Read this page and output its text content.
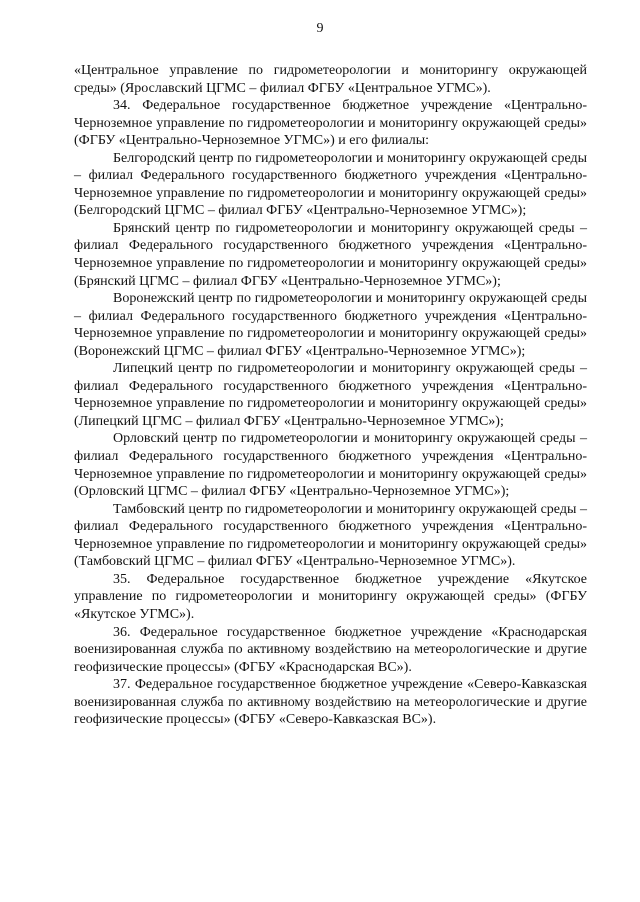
9

«Центральное управление по гидрометеорологии и мониторингу окружающей среды» (Ярославский ЦГМС – филиал ФГБУ «Центральное УГМС»).

34. Федеральное государственное бюджетное учреждение «Центрально-Черноземное управление по гидрометеорологии и мониторингу окружающей среды» (ФГБУ «Центрально-Черноземное УГМС») и его филиалы:

Белгородский центр по гидрометеорологии и мониторингу окружающей среды – филиал Федерального государственного бюджетного учреждения «Центрально-Черноземное управление по гидрометеорологии и мониторингу окружающей среды» (Белгородский ЦГМС – филиал ФГБУ «Центрально-Черноземное УГМС»);

Брянский центр по гидрометеорологии и мониторингу окружающей среды – филиал Федерального государственного бюджетного учреждения «Центрально-Черноземное управление по гидрометеорологии и мониторингу окружающей среды» (Брянский ЦГМС – филиал ФГБУ «Центрально-Черноземное УГМС»);

Воронежский центр по гидрометеорологии и мониторингу окружающей среды – филиал Федерального государственного бюджетного учреждения «Центрально-Черноземное управление по гидрометеорологии и мониторингу окружающей среды» (Воронежский ЦГМС – филиал ФГБУ «Центрально-Черноземное УГМС»);

Липецкий центр по гидрометеорологии и мониторингу окружающей среды – филиал Федерального государственного бюджетного учреждения «Центрально-Черноземное управление по гидрометеорологии и мониторингу окружающей среды» (Липецкий ЦГМС – филиал ФГБУ «Центрально-Черноземное УГМС»);

Орловский центр по гидрометеорологии и мониторингу окружающей среды – филиал Федерального государственного бюджетного учреждения «Центрально-Черноземное управление по гидрометеорологии и мониторингу окружающей среды» (Орловский ЦГМС – филиал ФГБУ «Центрально-Черноземное УГМС»);

Тамбовский центр по гидрометеорологии и мониторингу окружающей среды – филиал Федерального государственного бюджетного учреждения «Центрально-Черноземное управление по гидрометеорологии и мониторингу окружающей среды» (Тамбовский ЦГМС – филиал ФГБУ «Центрально-Черноземное УГМС»).

35. Федеральное государственное бюджетное учреждение «Якутское управление по гидрометеорологии и мониторингу окружающей среды» (ФГБУ «Якутское УГМС»).

36. Федеральное государственное бюджетное учреждение «Краснодарская военизированная служба по активному воздействию на метеорологические и другие геофизические процессы» (ФГБУ «Краснодарская ВС»).

37. Федеральное государственное бюджетное учреждение «Северо-Кавказская военизированная служба по активному воздействию на метеорологические и другие геофизические процессы» (ФГБУ «Северо-Кавказская ВС»).
